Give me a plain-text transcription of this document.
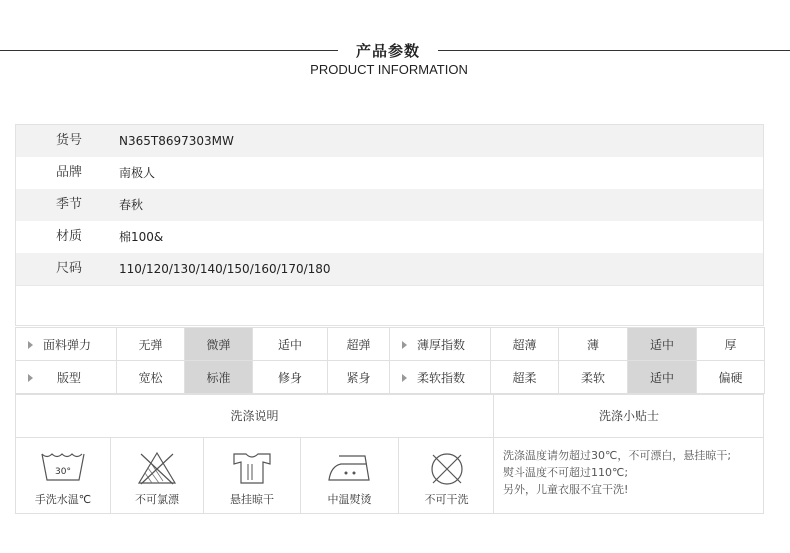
产品参数
PRODUCT INFORMATION
货号	N365T8697303MW
品牌	南极人
季节	春秋
材质	棉100&
尺码	110/120/130/140/150/160/170/180
面料弹力	无弹	微弹	适中	超弹	薄厚指数	超薄	薄	适中	厚
版型	宽松	标准	修身	紧身	柔软指数	超柔	柔软	适中	偏硬
洗涤说明	洗涤小贴士
30°
手洗水温℃	不可氯漂	悬挂晾干	中温熨烫	不可干洗
洗涤温度请勿超过30℃，不可漂白，悬挂晾干;
熨斗温度不可超过110℃;
另外，儿童衣服不宜干洗!
